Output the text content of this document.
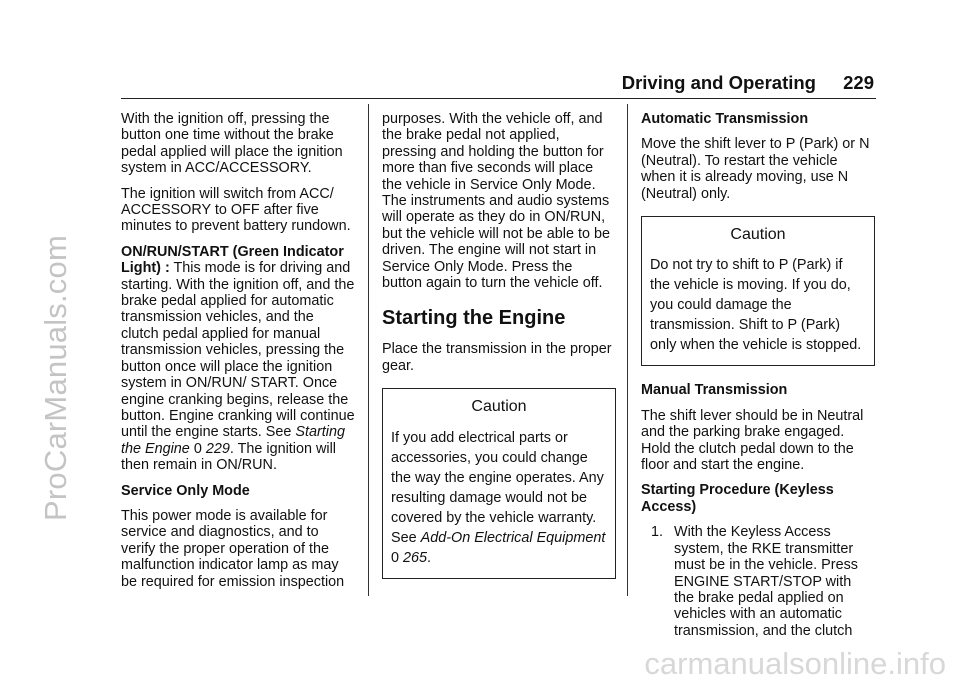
ProCarManuals.com
carmanualsonline.info
Driving and Operating 229

With the ignition off, pressing the button one time without the brake pedal applied will place the ignition system in ACC/ACCESSORY.

The ignition will switch from ACC/ ACCESSORY to OFF after five minutes to prevent battery rundown.

ON/RUN/START (Green Indicator Light) : This mode is for driving and starting. With the ignition off, and the brake pedal applied for automatic transmission vehicles, and the clutch pedal applied for manual transmission vehicles, pressing the button once will place the ignition system in ON/RUN/ START. Once engine cranking begins, release the button. Engine cranking will continue until the engine starts. See Starting the Engine 0 229. The ignition will then remain in ON/RUN.

Service Only Mode

This power mode is available for service and diagnostics, and to verify the proper operation of the malfunction indicator lamp as may be required for emission inspection

purposes. With the vehicle off, and the brake pedal not applied, pressing and holding the button for more than five seconds will place the vehicle in Service Only Mode. The instruments and audio systems will operate as they do in ON/RUN, but the vehicle will not be able to be driven. The engine will not start in Service Only Mode. Press the button again to turn the vehicle off.

Starting the Engine

Place the transmission in the proper gear.

Caution
If you add electrical parts or accessories, you could change the way the engine operates. Any resulting damage would not be covered by the vehicle warranty. See Add-On Electrical Equipment
0 265.

Automatic Transmission

Move the shift lever to P (Park) or N (Neutral). To restart the vehicle when it is already moving, use N (Neutral) only.

Caution
Do not try to shift to P (Park) if the vehicle is moving. If you do, you could damage the transmission. Shift to P (Park) only when the vehicle is stopped.

Manual Transmission

The shift lever should be in Neutral and the parking brake engaged. Hold the clutch pedal down to the floor and start the engine.

Starting Procedure (Keyless Access)

1. With the Keyless Access system, the RKE transmitter must be in the vehicle. Press ENGINE START/STOP with the brake pedal applied on vehicles with an automatic transmission, and the clutch
